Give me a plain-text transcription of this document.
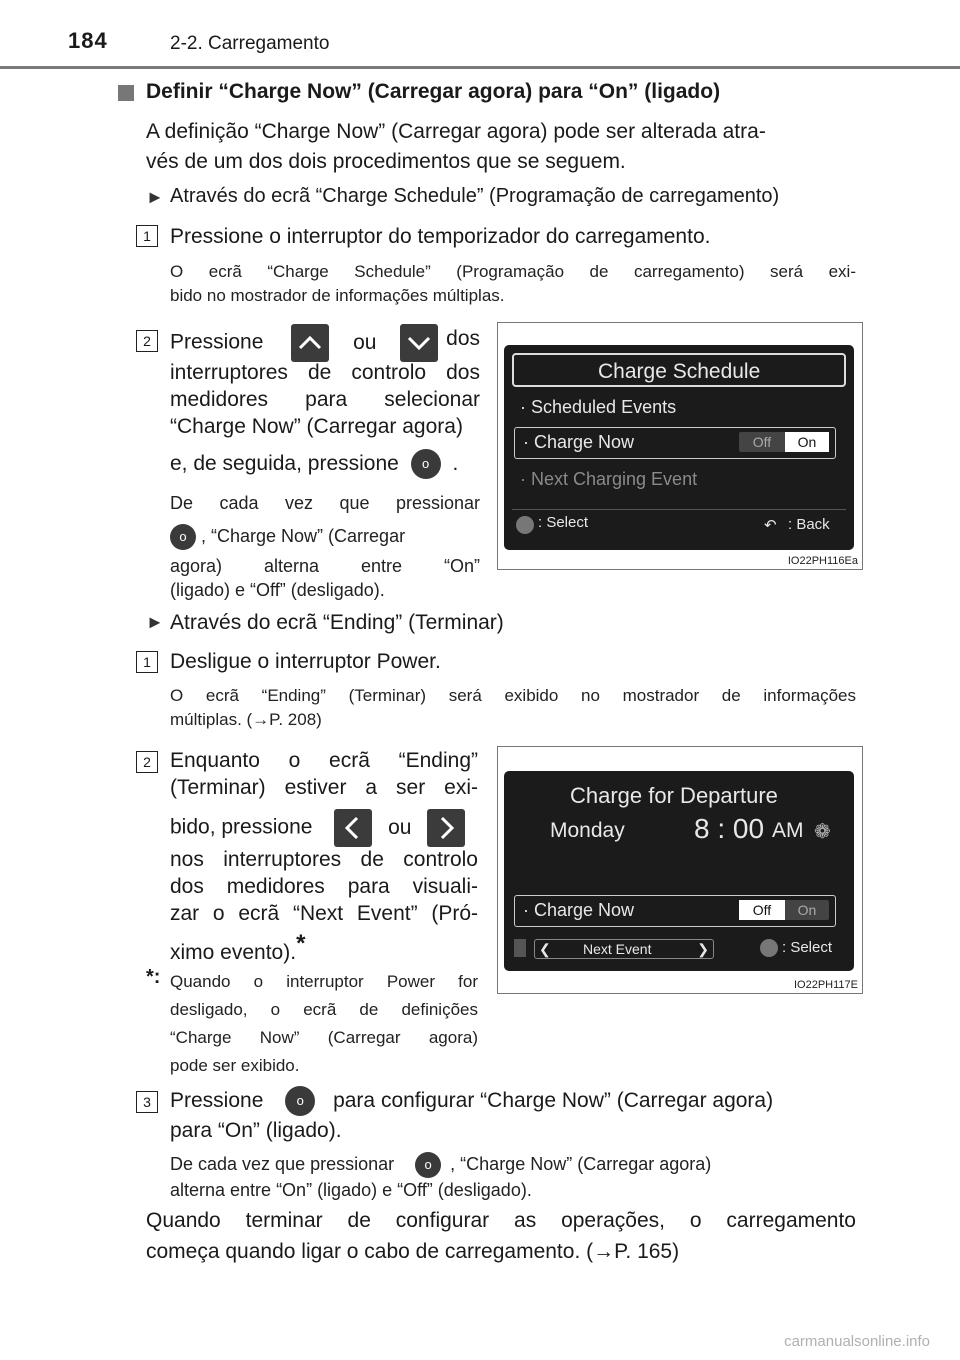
184	2-2. Carregamento
Definir “Charge Now” (Carregar agora) para “On” (ligado)
A definição “Charge Now” (Carregar agora) pode ser alterada atra-
vés de um dos dois procedimentos que se seguem.
► Através do ecrã “Charge Schedule” (Programação de carregamento)
1 Pressione o interruptor do temporizador do carregamento.
O ecrã “Charge Schedule” (Programação de carregamento) será exi-
bido no mostrador de informações múltiplas.
2 Pressione	ou	dos
interruptores de controlo dos
medidores para selecionar
“Charge Now” (Carregar agora)
e, de seguida, pressione o .
De cada vez que pressionar
o , “Charge Now” (Carregar
agora) alterna entre “On”
(ligado) e “Off” (desligado).
Charge Schedule
· Scheduled Events
· Charge Now	Off	On
· Next Charging Event
: Select	↶ : Back
IO22PH116Ea
► Através do ecrã “Ending” (Terminar)
1 Desligue o interruptor Power.
O ecrã “Ending” (Terminar) será exibido no mostrador de informações
múltiplas. (→P. 208)
2 Enquanto o ecrã “Ending”
(Terminar) estiver a ser exi-
bido, pressione	ou
nos interruptores de controlo
dos medidores para visuali-
zar o ecrã “Next Event” (Pró-
ximo evento).*
*: Quando o interruptor Power for
desligado, o ecrã de definições
“Charge Now” (Carregar agora)
pode ser exibido.
Charge for Departure
Monday 8 : 00 AM ❁
· Charge Now	Off	On
❮ Next Event	❯	: Select
IO22PH117E
3 Pressione	o para configurar “Charge Now” (Carregar agora)
para “On” (ligado).
De cada vez que pressionar o , “Charge Now” (Carregar agora)
alterna entre “On” (ligado) e “Off” (desligado).
Quando terminar de configurar as operações, o carregamento
começa quando ligar o cabo de carregamento. (→P. 165)
carmanualsonline.info
